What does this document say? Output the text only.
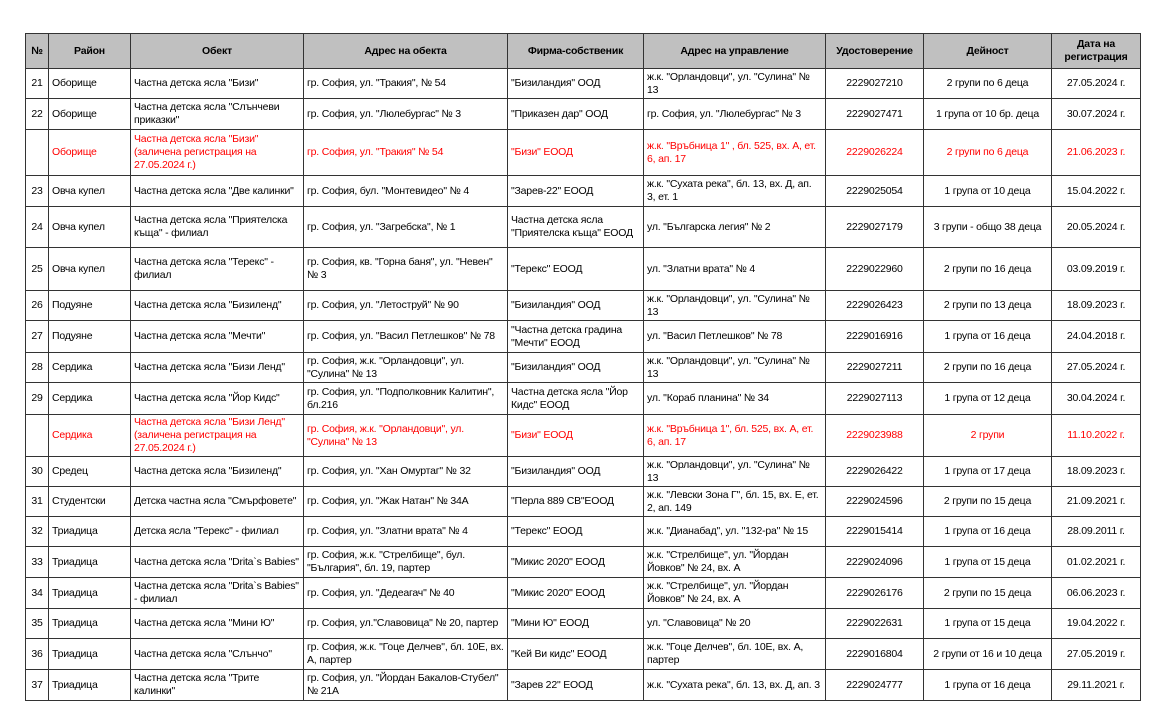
№	Район	Обект	Адрес на обекта	Фирма-собственик	Адрес на управление	Удостоверение	Дейност	Дата на регистрация
21	Оборище	Частна детска ясла "Бизи"	гр. София, ул. "Тракия", № 54	"Бизиландия" ООД	ж.к. "Орландовци", ул. "Сулина" № 13	2229027210	2 групи по 6 деца	27.05.2024 г.
22	Оборище	Частна детска ясла "Слънчеви приказки"	гр. София, ул. "Люлебургас" № 3	"Приказен дар" ООД	гр. София, ул. "Люлебургас" № 3	2229027471	1 група от 10 бр. деца	30.07.2024 г.
	Оборище	Частна детска ясла "Бизи" (заличена регистрация на 27.05.2024 г.)	гр. София, ул. "Тракия" № 54	"Бизи" ЕООД	ж.к. "Връбница 1" , бл. 525, вх. А, ет. 6, ап. 17	2229026224	2 групи по 6 деца	21.06.2023 г.
23	Овча купел	Частна детска ясла "Две калинки"	гр. София, бул. "Монтевидео" № 4	"Зарев-22" ЕООД	ж.к. "Сухата река", бл. 13, вх. Д, ап. 3, ет. 1	2229025054	1 група от 10 деца	15.04.2022 г.
24	Овча купел	Частна детска ясла "Приятелска къща" - филиал	гр. София, ул. "Загребска", № 1	Частна детска ясла "Приятелска къща" ЕООД	ул. "Българска легия" № 2	2229027179	3 групи - общо 38 деца	20.05.2024 г.
25	Овча купел	Частна детска ясла "Терекс" - филиал	гр. София, кв. "Горна баня", ул. "Невен" № 3	"Терекс" ЕООД	ул. "Златни врата" № 4	2229022960	2 групи по 16 деца	03.09.2019 г.
26	Подуяне	Частна детска ясла "Бизиленд"	гр. София, ул. "Летоструй" № 90	"Бизиландия" ООД	ж.к. "Орландовци", ул. "Сулина" № 13	2229026423	2 групи по 13 деца	18.09.2023 г.
27	Подуяне	Частна детска ясла "Мечти"	гр. София, ул. "Васил Петлешков" № 78	"Частна детска градина "Мечти" ЕООД	ул. "Васил Петлешков" № 78	2229016916	1 група от 16 деца	24.04.2018 г.
28	Сердика	Частна детска ясла "Бизи Ленд"	гр. София, ж.к. "Орландовци", ул. "Сулина" № 13	"Бизиландия" ООД	ж.к. "Орландовци", ул. "Сулина" № 13	2229027211	2 групи по 16 деца	27.05.2024 г.
29	Сердика	Частна детска ясла "Йор Кидс"	гр. София, ул. "Подполковник Калитин", бл.216	Частна детска ясла "Йор Кидс" ЕООД	ул. "Кораб планина" № 34	2229027113	1 група от 12 деца	30.04.2024 г.
	Сердика	Частна детска ясла "Бизи Ленд" (заличена регистрация на 27.05.2024 г.)	гр. София, ж.к. "Орландовци", ул. "Сулина" № 13	"Бизи" ЕООД	ж.к. "Връбница 1", бл. 525, вх. А, ет. 6, ап. 17	2229023988	2 групи	11.10.2022 г.
30	Средец	Частна детска ясла "Бизиленд"	гр. София, ул. "Хан Омуртаг" № 32	"Бизиландия" ООД	ж.к. "Орландовци", ул. "Сулина" № 13	2229026422	1 група от 17 деца	18.09.2023 г.
31	Студентски	Детска частна ясла "Смърфовете"	гр. София, ул. "Жак Натан" № 34А	"Перла 889 СВ"ЕООД	ж.к. "Левски Зона Г", бл. 15, вх. Е, ет. 2, ап. 149	2229024596	2 групи по 15 деца	21.09.2021 г.
32	Триадица	Детска ясла "Терекс" - филиал	гр. София, ул. "Златни врата" № 4	"Терекс" ЕООД	ж.к. "Дианабад", ул. "132-ра" № 15	2229015414	1 група от 16 деца	28.09.2011 г.
33	Триадица	Частна детска ясла "Drita`s Babies"	гр. София, ж.к. "Стрелбище", бул. "България", бл. 19, партер	"Микис 2020" ЕООД	ж.к. "Стрелбище", ул. "Йордан Йовков" № 24, вх. А	2229024096	1 група от 15 деца	01.02.2021 г.
34	Триадица	Частна детска ясла "Drita`s Babies" - филиал	гр. София, ул. "Дедеагач" № 40	"Микис 2020" ЕООД	ж.к. "Стрелбище", ул. "Йордан Йовков" № 24, вх. А	2229026176	2 групи по 15 деца	06.06.2023 г.
35	Триадица	Частна детска ясла "Мини Ю"	гр. София, ул."Славовица" № 20, партер	"Мини Ю" ЕООД	ул. "Славовица" № 20	2229022631	1 група от 15 деца	19.04.2022 г.
36	Триадица	Частна детска ясла "Слънчо"	гр. София, ж.к. "Гоце Делчев", бл. 10Е, вх. А, партер	"Кей Ви кидс" ЕООД	ж.к. "Гоце Делчев", бл. 10Е, вх. А, партер	2229016804	2 групи от 16 и 10 деца	27.05.2019 г.
37	Триадица	Частна детска ясла "Трите калинки"	гр. София, ул. "Йордан Бакалов-Стубел" № 21А	"Зарев 22" ЕООД	ж.к. "Сухата река", бл. 13, вх. Д, ап. 3	2229024777	1 група от 16 деца	29.11.2021 г.
